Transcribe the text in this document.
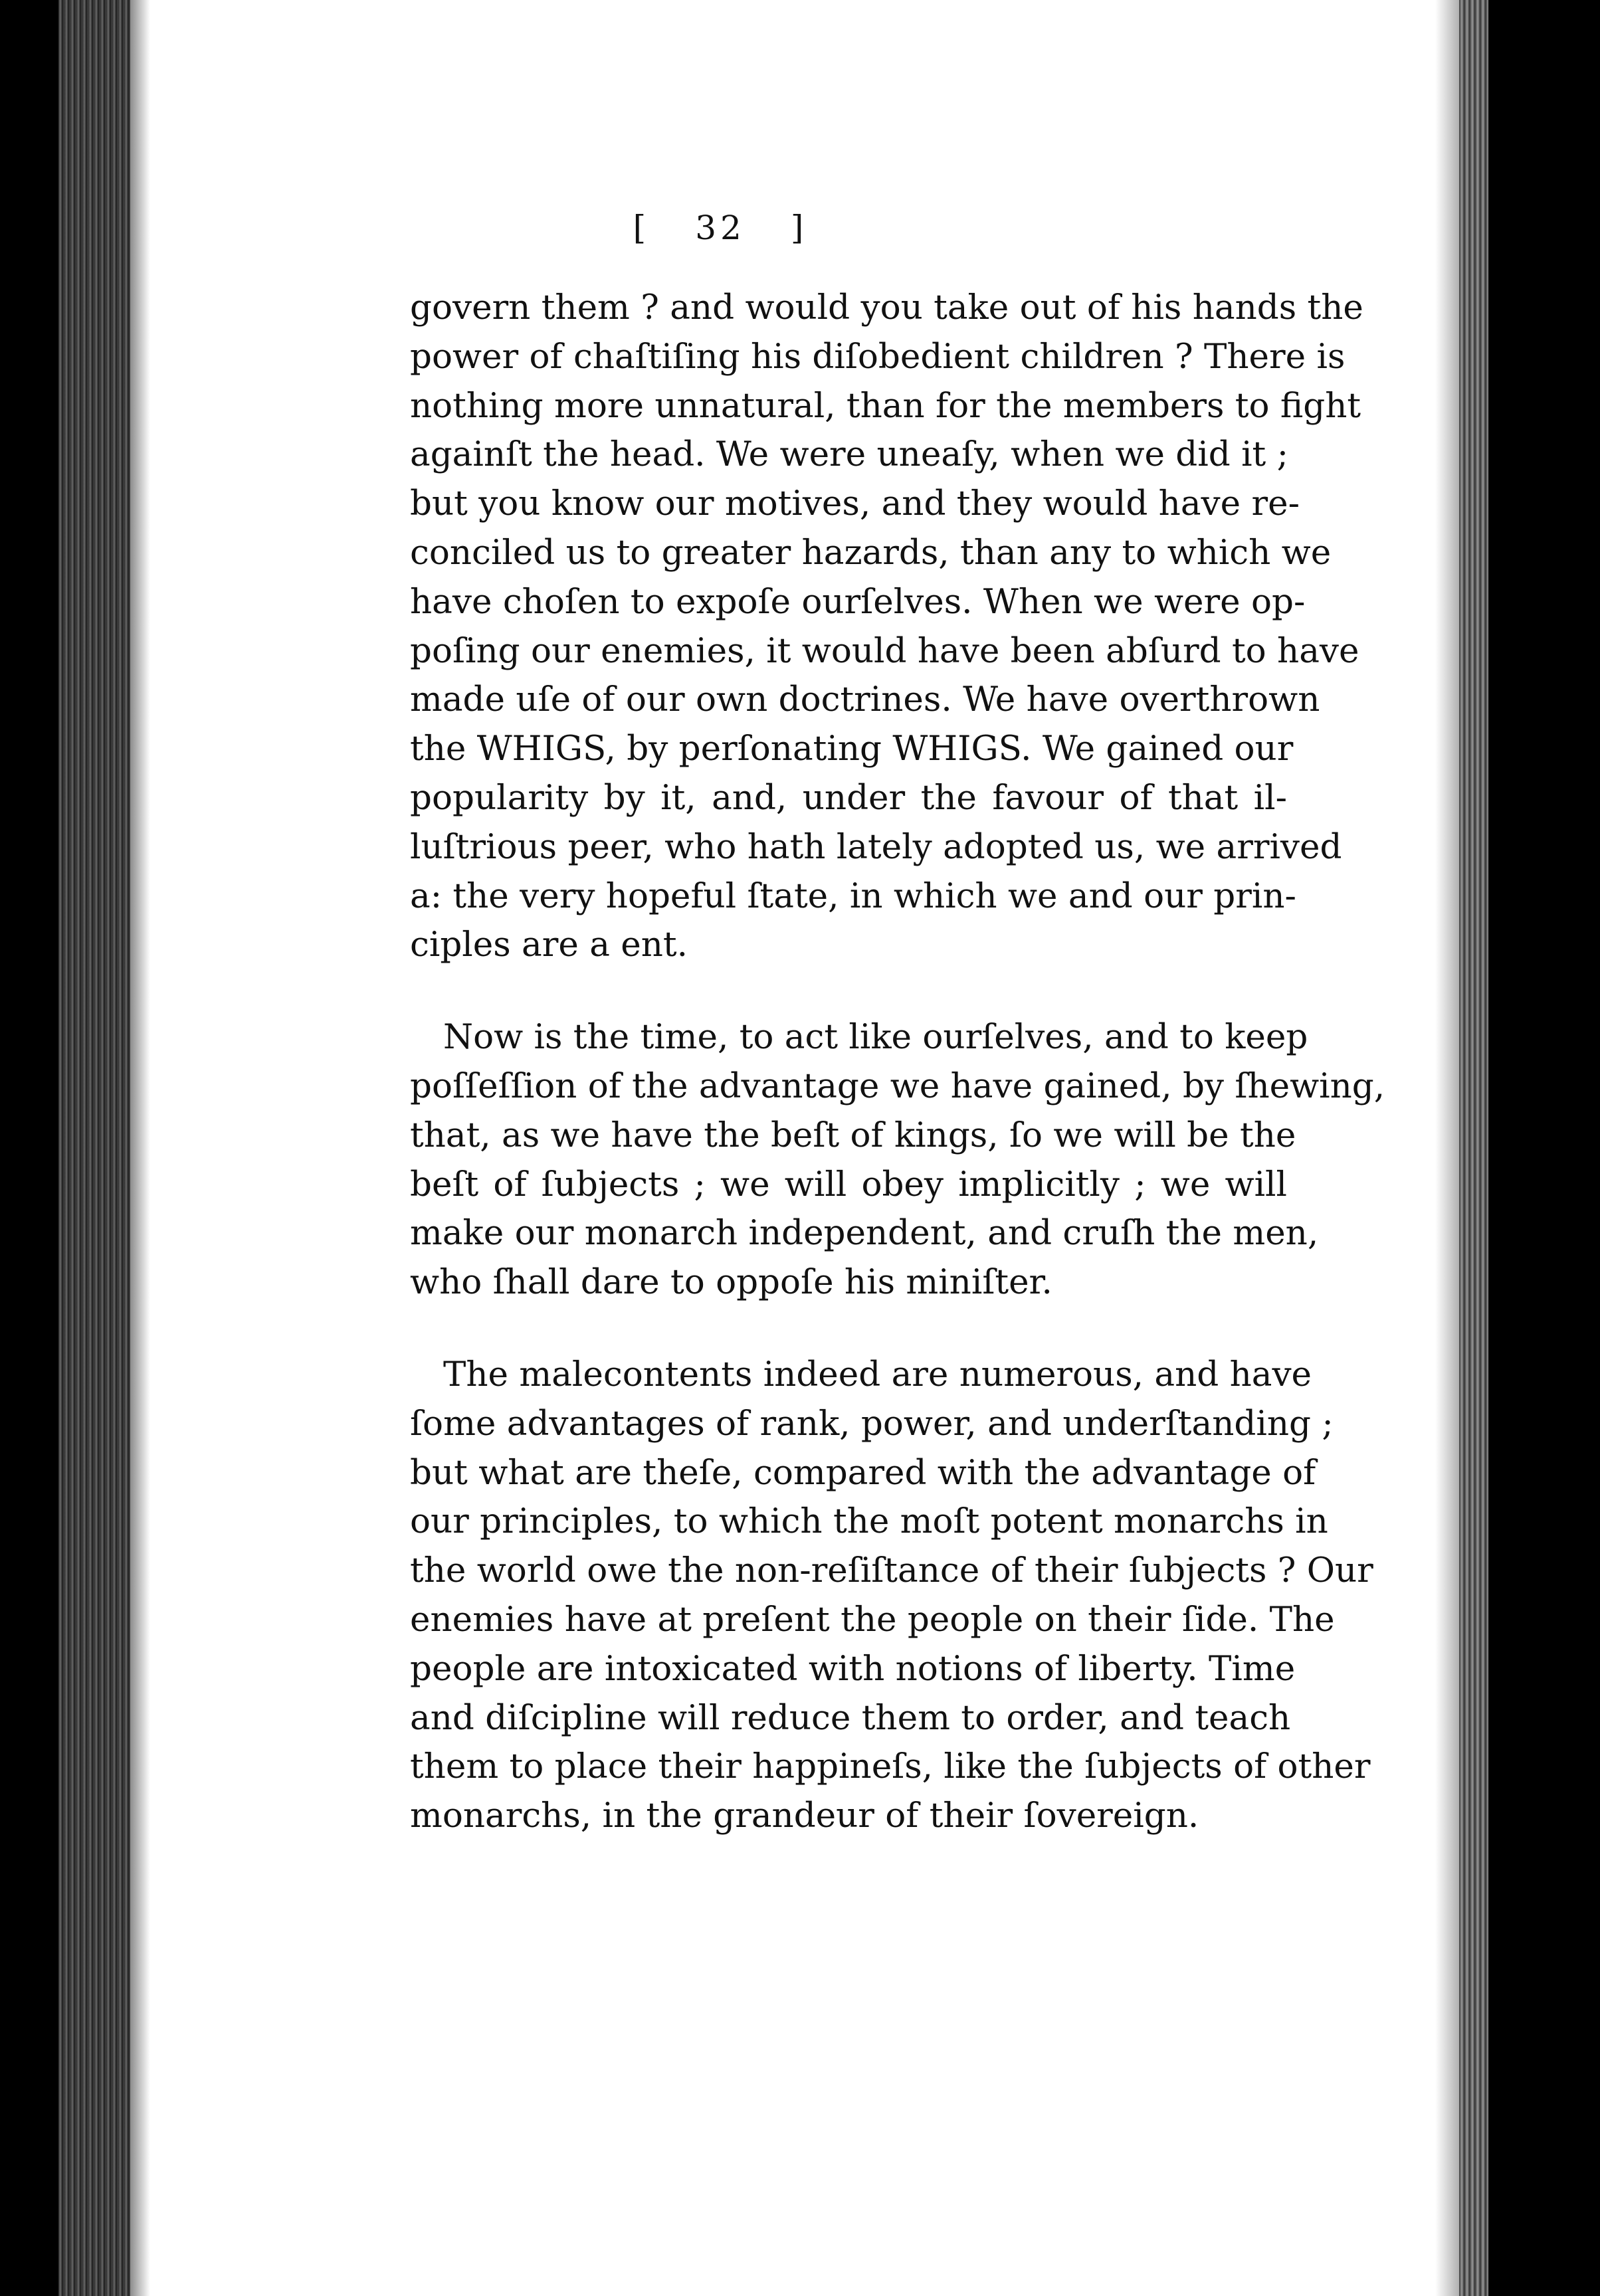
[ 32 ]
govern them ? and would you take out of his hands the
power of chaſtiſing his diſobedient children ? There is
nothing more unnatural, than for the members to fight
againſt the head. We were uneaſy, when we did it ;
but you know our motives, and they would have re-
conciled us to greater hazards, than any to which we
have choſen to expoſe ourſelves. When we were op-
poſing our enemies, it would have been abſurd to have
made uſe of our own doctrines. We have overthrown
the WHIGS, by perſonating WHIGS. We gained our
popularity by it, and, under the favour of that il-
luſtrious peer, who hath lately adopted us, we arrived
a: the very hopeful ſtate, in which we and our prin-
ciples are a ent.
Now is the time, to act like ourſelves, and to keep
poſſeſſion of the advantage we have gained, by ſhewing,
that, as we have the beſt of kings, ſo we will be the
beſt of ſubjects ; we will obey implicitly ; we will
make our monarch independent, and cruſh the men,
who ſhall dare to oppoſe his miniſter.
The malecontents indeed are numerous, and have
ſome advantages of rank, power, and underſtanding ;
but what are theſe, compared with the advantage of
our principles, to which the moſt potent monarchs in
the world owe the non-reſiſtance of their ſubjects ? Our
enemies have at preſent the people on their ſide. The
people are intoxicated with notions of liberty. Time
and diſcipline will reduce them to order, and teach
them to place their happineſs, like the ſubjects of other
monarchs, in the grandeur of their ſovereign.
